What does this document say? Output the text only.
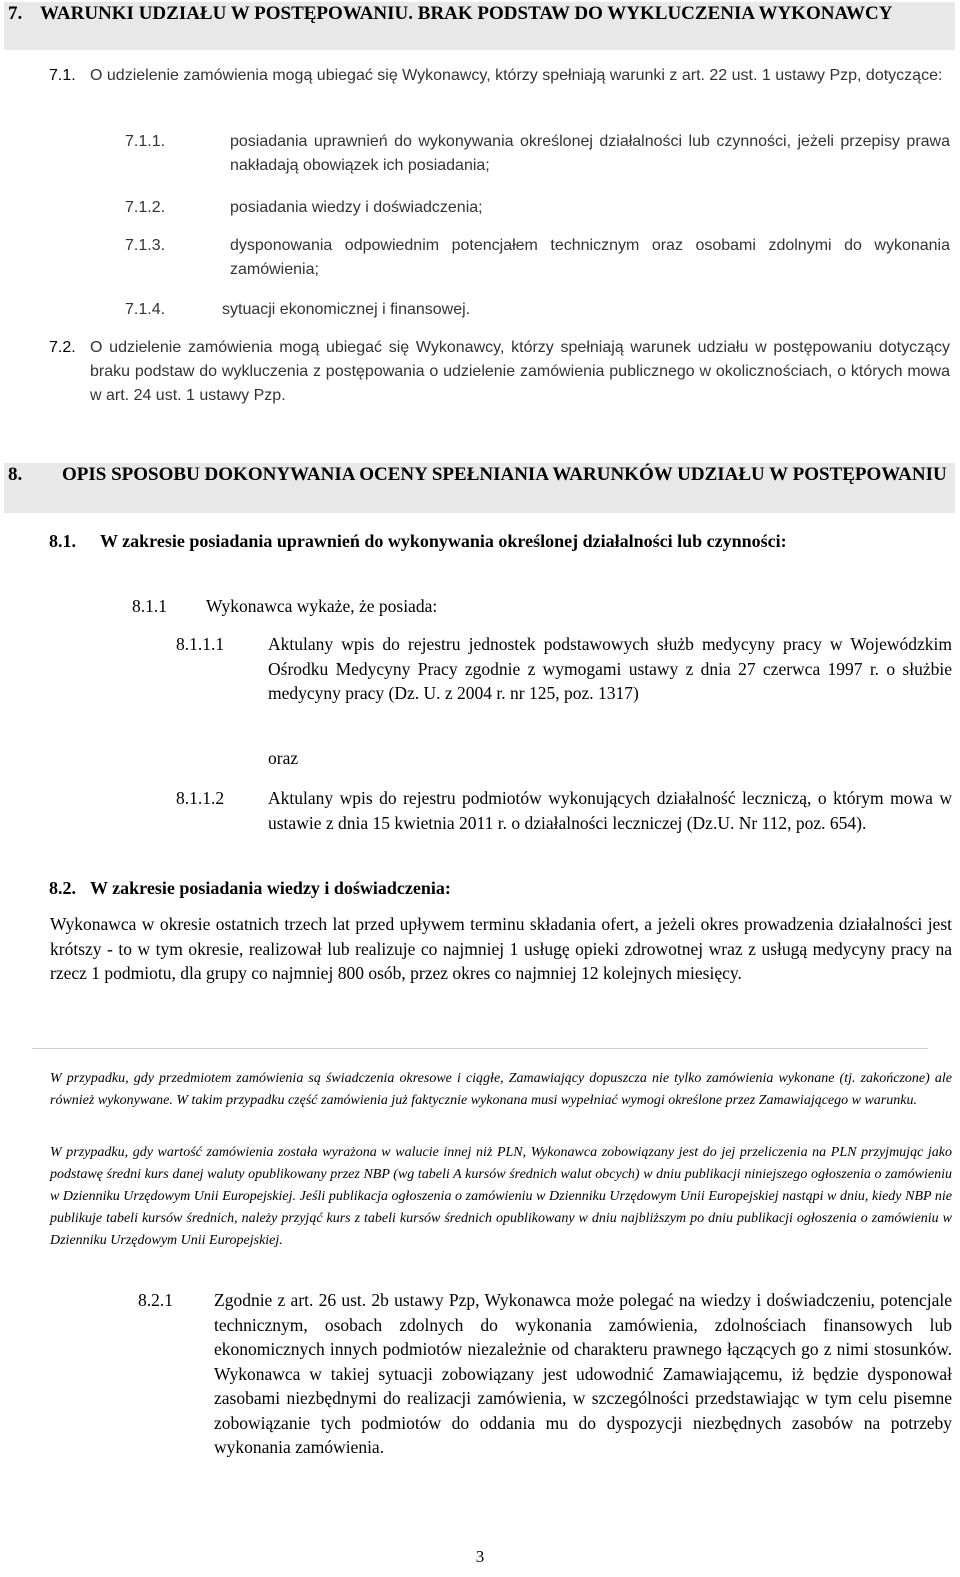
7. WARUNKI UDZIAŁU W POSTĘPOWANIU. BRAK PODSTAW DO WYKLUCZENIA WYKONAWCY
7.1. O udzielenie zamówienia mogą ubiegać się Wykonawcy, którzy spełniają warunki z art. 22 ust. 1 ustawy Pzp, dotyczące:
7.1.1.	posiadania uprawnień do wykonywania określonej działalności lub czynności, jeżeli przepisy prawa nakładają obowiązek ich posiadania;
7.1.2.	posiadania wiedzy i doświadczenia;
7.1.3.	dysponowania odpowiednim potencjałem technicznym oraz osobami zdolnymi do wykonania zamówienia;
7.1.4.	sytuacji ekonomicznej i finansowej.
7.2. O udzielenie zamówienia mogą ubiegać się Wykonawcy, którzy spełniają warunek udziału w postępowaniu dotyczący braku podstaw do wykluczenia z postępowania o udzielenie zamówienia publicznego w okolicznościach, o których mowa w art. 24 ust. 1 ustawy Pzp.
8. OPIS SPOSOBU DOKONYWANIA OCENY SPEŁNIANIA WARUNKÓW UDZIAŁU W POSTĘPOWANIU
8.1. W zakresie posiadania uprawnień do wykonywania określonej działalności lub czynności:
8.1.1 Wykonawca wykaże, że posiada:
8.1.1.1	Aktulany wpis do rejestru jednostek podstawowych służb medycyny pracy w Wojewódzkim Ośrodku Medycyny Pracy zgodnie z wymogami ustawy z dnia 27 czerwca 1997 r. o służbie medycyny pracy (Dz. U. z 2004 r. nr 125, poz. 1317)
oraz
8.1.1.2	Aktulany wpis do rejestru podmiotów wykonujących działalność leczniczą, o którym mowa w ustawie z dnia 15 kwietnia 2011 r. o działalności leczniczej (Dz.U. Nr 112, poz. 654).
8.2. W zakresie posiadania wiedzy i doświadczenia:
Wykonawca w okresie ostatnich trzech lat przed upływem terminu składania ofert, a jeżeli okres prowadzenia działalności jest krótszy - to w tym okresie, realizował lub realizuje co najmniej 1 usługę opieki zdrowotnej wraz z usługą medycyny pracy na rzecz 1 podmiotu, dla grupy co najmniej 800 osób, przez okres co najmniej 12 kolejnych miesięcy.
W przypadku, gdy przedmiotem zamówienia są świadczenia okresowe i ciągłe, Zamawiający dopuszcza nie tylko zamówienia wykonane (tj. zakończone) ale również wykonywane. W takim przypadku część zamówienia już faktycznie wykonana musi wypełniać wymogi określone przez Zamawiającego w warunku.
W przypadku, gdy wartość zamówienia została wyrażona w walucie innej niż PLN, Wykonawca zobowiązany jest do jej przeliczenia na PLN przyjmując jako podstawę średni kurs danej waluty opublikowany przez NBP (wg tabeli A kursów średnich walut obcych) w dniu publikacji niniejszego ogłoszenia o zamówieniu w Dzienniku Urzędowym Unii Europejskiej. Jeśli publikacja ogłoszenia o zamówieniu w Dzienniku Urzędowym Unii Europejskiej nastąpi w dniu, kiedy NBP nie publikuje tabeli kursów średnich, należy przyjąć kurs z tabeli kursów średnich opublikowany w dniu najbliższym po dniu publikacji ogłoszenia o zamówieniu w Dzienniku Urzędowym Unii Europejskiej.
8.2.1 Zgodnie z art. 26 ust. 2b ustawy Pzp, Wykonawca może polegać na wiedzy i doświadczeniu, potencjale technicznym, osobach zdolnych do wykonania zamówienia, zdolnościach finansowych lub ekonomicznych innych podmiotów niezależnie od charakteru prawnego łączących go z nimi stosunków. Wykonawca w takiej sytuacji zobowiązany jest udowodnić Zamawiającemu, iż będzie dysponował zasobami niezbędnymi do realizacji zamówienia, w szczególności przedstawiając w tym celu pisemne zobowiązanie tych podmiotów do oddania mu do dyspozycji niezbędnych zasobów na potrzeby wykonania zamówienia.
3
